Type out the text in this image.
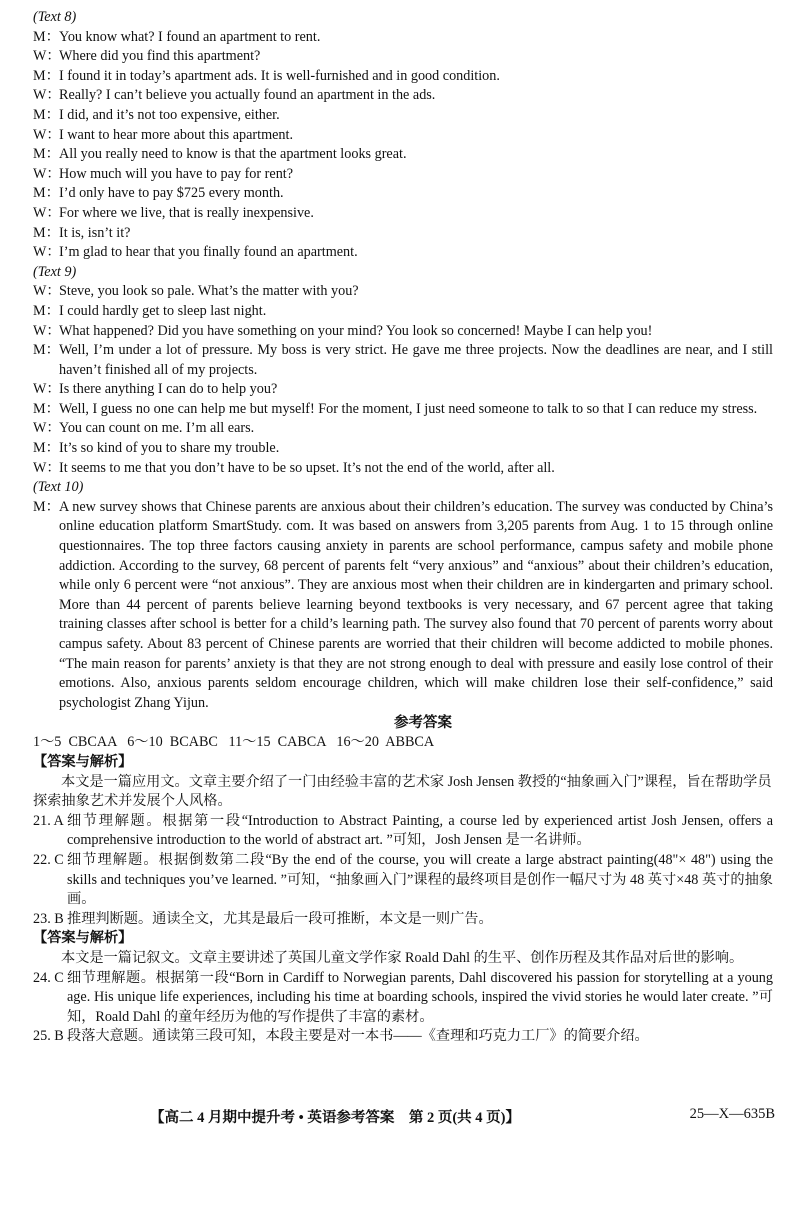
(Text 8)
M： You know what? I found an apartment to rent.
W：
Where did you find this apartment?
M： I found it in today’s apartment ads. It is well-furnished and in good condition.
W：
Really? I can’t believe you actually found an apartment in the ads.
M： I did, and it’s not too expensive, either.
W：
I want to hear more about this apartment.
M： All you really need to know is that the apartment looks great.
W：
How much will you have to pay for rent?
M： I’d only have to pay $725 every month.
W：
For where we live, that is really inexpensive.
M： It is, isn’t it?
W：
I’m glad to hear that you finally found an apartment.
(Text 9)
W：
Steve, you look so pale. What’s the matter with you?
M： I could hardly get to sleep last night.
W：
What happened? Did you have something on your mind? You look so concerned! Maybe I can help you!
M： Well, I’m under a lot of pressure. My boss is very strict. He gave me three projects. Now the deadlines are near, and I still haven’t finished all of my projects.
W：
Is there anything I can do to help you?
M： Well, I guess no one can help me but myself! For the moment, I just need someone to talk to so that I can reduce my stress.
W：
You can count on me. I’m all ears.
M： It’s so kind of you to share my trouble.
W：
It seems to me that you don’t have to be so upset. It’s not the end of the world, after all.
(Text 10)
M： A new survey shows that Chinese parents are anxious about their children’s education. The survey was conducted by China’s online education platform SmartStudy. com. It was based on answers from 3,205 parents from Aug. 1 to 15 through online questionnaires. The top three factors causing anxiety in parents are school performance, campus safety and mobile phone addiction. According to the survey, 68 percent of parents felt “very anxious” and “anxious” about their children’s education, while only 6 percent were “not anxious”. They are anxious most when their children are in kindergarten and primary school. More than 44 percent of parents believe learning beyond textbooks is very necessary, and 67 percent agree that taking training classes after school is better for a child’s learning path. The survey also found that 70 percent of parents worry about campus safety. About 83 percent of Chinese parents are worried that their children will become addicted to mobile phones. “The main reason for parents’ anxiety is that they are not strong enough to deal with pressure and easily lose control of their emotions. Also, anxious parents seldom encourage children, which will make children lose their self-confidence,” said psychologist Zhang Yijun.
参考答案
1～5  CBCAA   6～10  BCABC   11～15  CABCA   16～20  ABBCA
【答案与解析】
本文是一篇应用文。文章主要介绍了一门由经验丰富的艺术家 Josh Jensen 教授的“抽象画入门”课程，旨在帮助学员探索抽象艺术并发展个人风格。
21. A 细节理解题。根据第一段“Introduction to Abstract Painting, a course led by experienced artist Josh Jensen, offers a comprehensive introduction to the world of abstract art. ”可知，Josh Jensen 是一名讲师。
22. C 细节理解题。根据倒数第二段“By the end of the course, you will create a large abstract painting(48"× 48") using the skills and techniques you’ve learned. ”可知，“抽象画入门”课程的最终项目是创作一幅尺寸为 48 英寸×48 英寸的抽象画。
23. B 推理判断题。通读全文，尤其是最后一段可推断，本文是一则广告。
【答案与解析】
本文是一篇记叙文。文章主要讲述了英国儿童文学作家 Roald Dahl 的生平、创作历程及其作品对后世的影响。
24. C 细节理解题。根据第一段“Born in Cardiff to Norwegian parents, Dahl discovered his passion for storytelling at a young age. His unique life experiences, including his time at boarding schools, inspired the vivid stories he would later create. ”可知，Roald Dahl 的童年经历为他的写作提供了丰富的素材。
25. B 段落大意题。通读第三段可知，本段主要是对一本书——《查理和巧克力工厂》的简要介绍。
【高二 4 月期中提升考 • 英语参考答案　第 2 页(共 4 页)】	25—X—635B
